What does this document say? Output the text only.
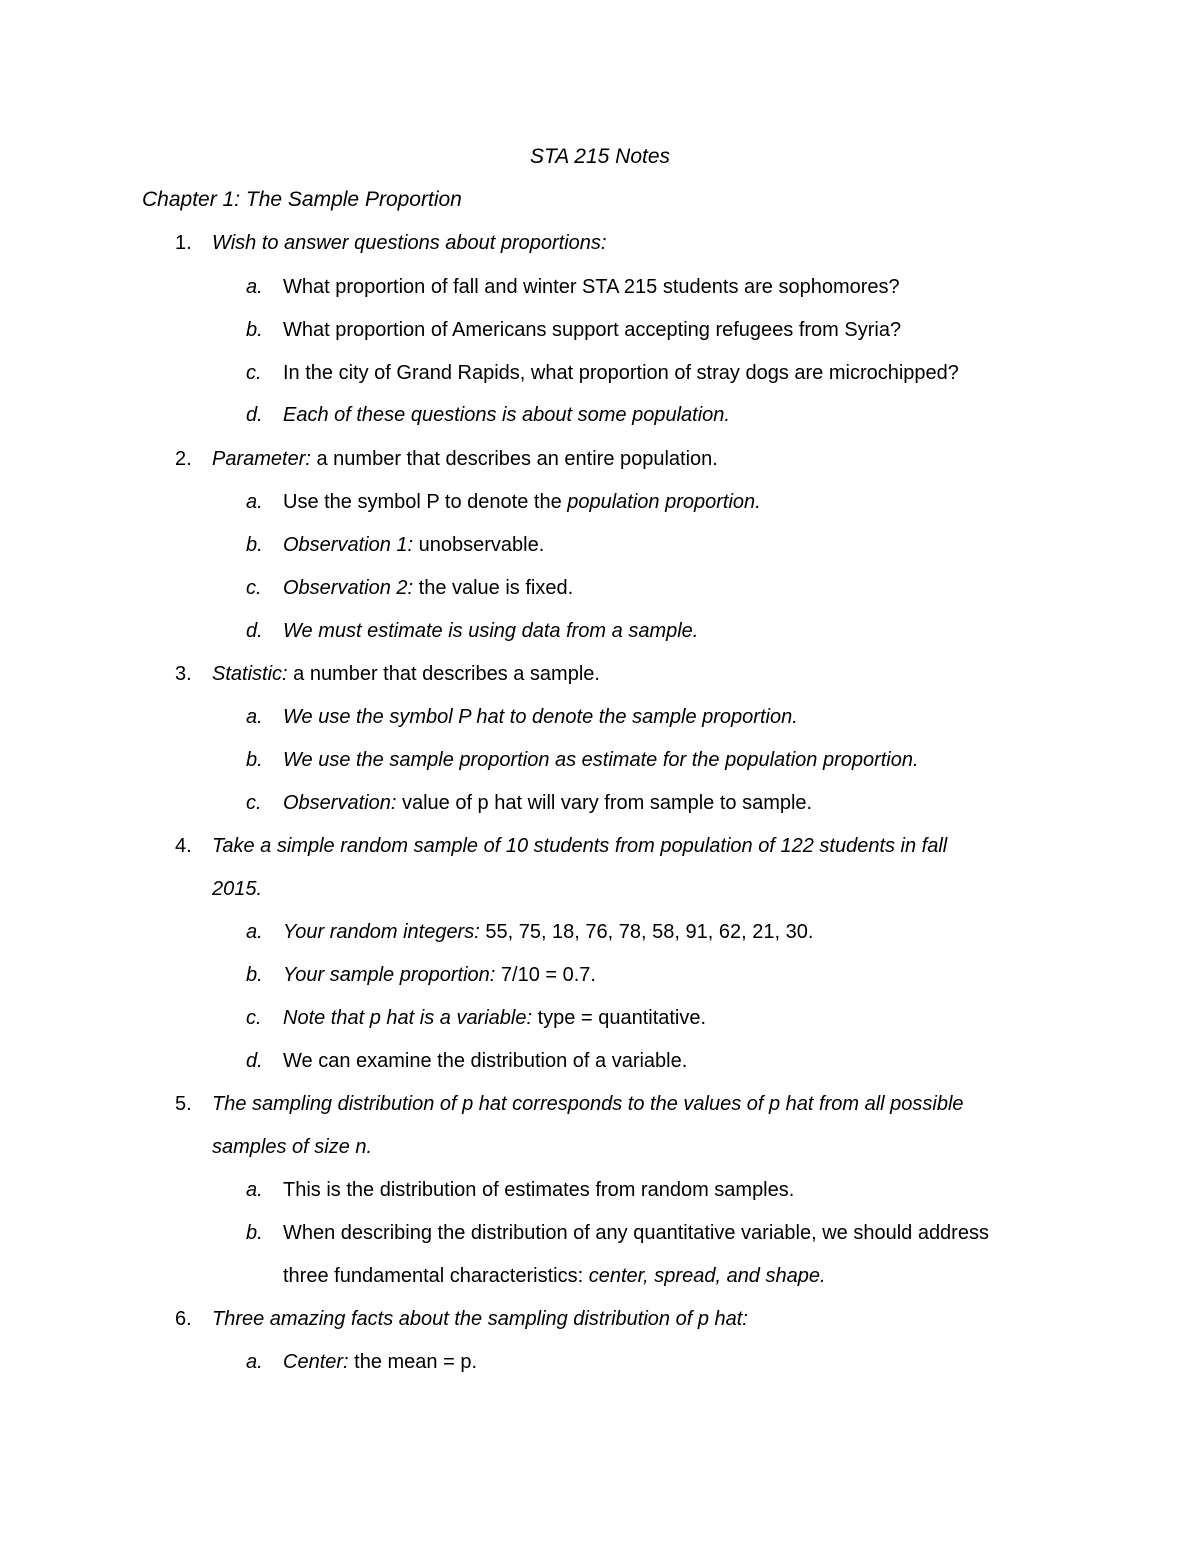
STA 215 Notes
Chapter 1: The Sample Proportion
1. Wish to answer questions about proportions:
a. What proportion of fall and winter STA 215 students are sophomores?
b. What proportion of Americans support accepting refugees from Syria?
c. In the city of Grand Rapids, what proportion of stray dogs are microchipped?
d. Each of these questions is about some population.
2. Parameter: a number that describes an entire population.
a. Use the symbol P to denote the population proportion.
b. Observation 1: unobservable.
c. Observation 2: the value is fixed.
d. We must estimate is using data from a sample.
3. Statistic: a number that describes a sample.
a. We use the symbol P hat to denote the sample proportion.
b. We use the sample proportion as estimate for the population proportion.
c. Observation: value of p hat will vary from sample to sample.
4. Take a simple random sample of 10 students from population of 122 students in fall
2015.
a. Your random integers: 55, 75, 18, 76, 78, 58, 91, 62, 21, 30.
b. Your sample proportion: 7/10 = 0.7.
c. Note that p hat is a variable: type = quantitative.
d. We can examine the distribution of a variable.
5. The sampling distribution of p hat corresponds to the values of p hat from all possible
samples of size n.
a. This is the distribution of estimates from random samples.
b. When describing the distribution of any quantitative variable, we should address
three fundamental characteristics: center, spread, and shape.
6. Three amazing facts about the sampling distribution of p hat:
a. Center: the mean = p.
